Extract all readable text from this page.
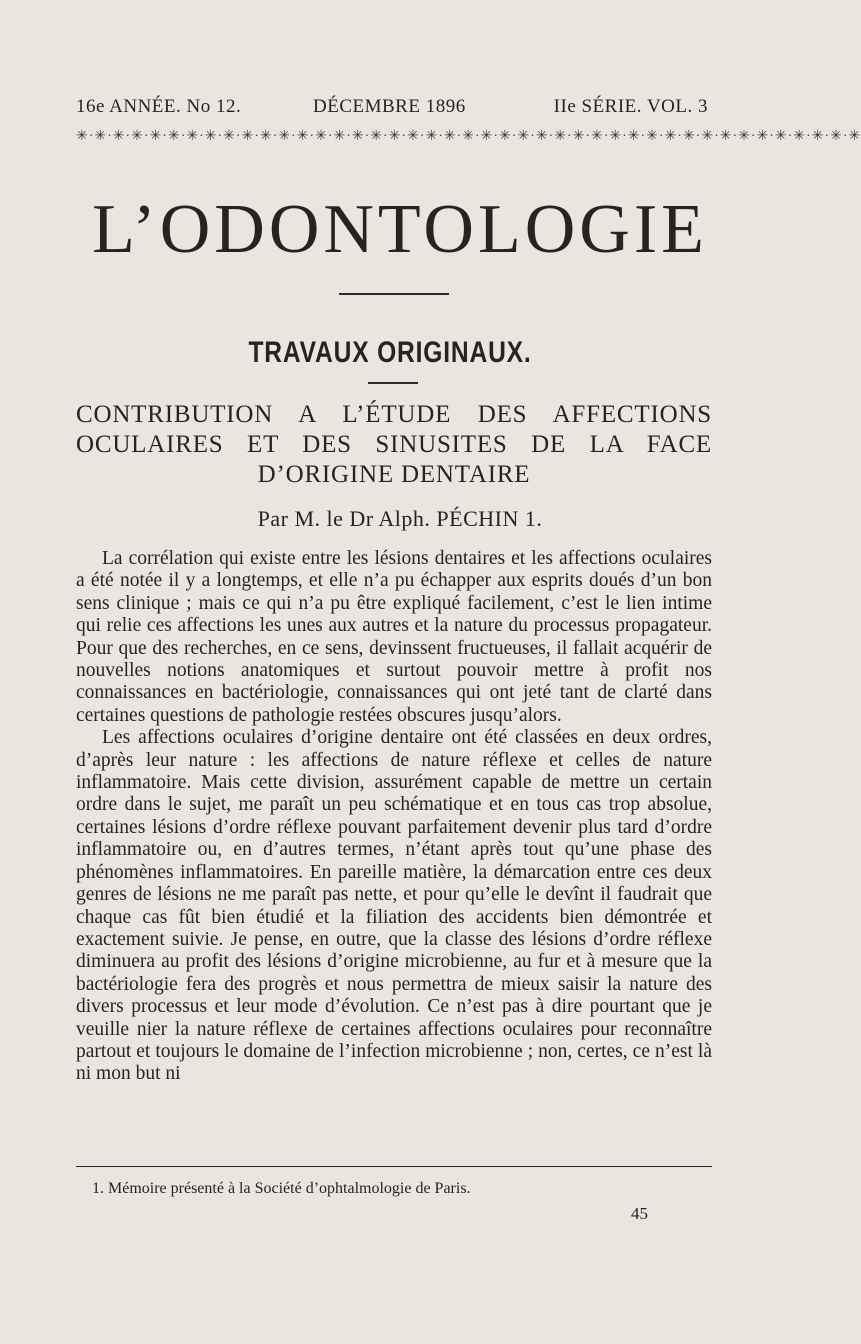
16e ANNÉE. No 12.	DÉCEMBRE 1896	IIe SÉRIE. VOL. 3
✳·✳·✳·✳·✳·✳·✳·✳·✳·✳·✳·✳·✳·✳·✳·✳·✳·✳·✳·✳·✳·✳·✳·✳·✳·✳·✳·✳·✳·✳·✳·✳·✳·✳·✳·✳·✳·✳·✳·✳·✳·✳·✳
L’ODONTOLOGIE
TRAVAUX ORIGINAUX.
CONTRIBUTION A L’ÉTUDE DES AFFECTIONS
OCULAIRES ET DES SINUSITES DE LA FACE
D’ORIGINE DENTAIRE
Par M. le Dr Alph. PÉCHIN 1.

La corrélation qui existe entre les lésions dentaires et les affections oculaires a été notée il y a longtemps, et elle n’a pu échapper aux esprits doués d’un bon sens clinique ; mais ce qui n’a pu être expliqué facilement, c’est le lien intime qui relie ces affections les unes aux autres et la nature du processus propagateur. Pour que des recherches, en ce sens, devinssent fructueuses, il fallait acquérir de nouvelles notions anatomiques et surtout pouvoir mettre à profit nos connaissances en bactériologie, connaissances qui ont jeté tant de clarté dans certaines questions de pathologie restées obscures jusqu’alors.

Les affections oculaires d’origine dentaire ont été classées en deux ordres, d’après leur nature : les affections de nature réflexe et celles de nature inflammatoire. Mais cette division, assurément capable de mettre un certain ordre dans le sujet, me paraît un peu schématique et en tous cas trop absolue, certaines lésions d’ordre réflexe pouvant parfaitement devenir plus tard d’ordre inflammatoire ou, en d’autres termes, n’étant après tout qu’une phase des phénomènes inflammatoires. En pareille matière, la démarcation entre ces deux genres de lésions ne me paraît pas nette, et pour qu’elle le devînt il faudrait que chaque cas fût bien étudié et la filiation des accidents bien démontrée et exactement suivie. Je pense, en outre, que la classe des lésions d’ordre réflexe diminuera au profit des lésions d’origine microbienne, au fur et à mesure que la bactériologie fera des progrès et nous permettra de mieux saisir la nature des divers processus et leur mode d’évolution. Ce n’est pas à dire pourtant que je veuille nier la nature réflexe de certaines affections oculaires pour reconnaître partout et toujours le domaine de l’infection microbienne ; non, certes, ce n’est là ni mon but ni

1. Mémoire présenté à la Société d’ophtalmologie de Paris.
45
